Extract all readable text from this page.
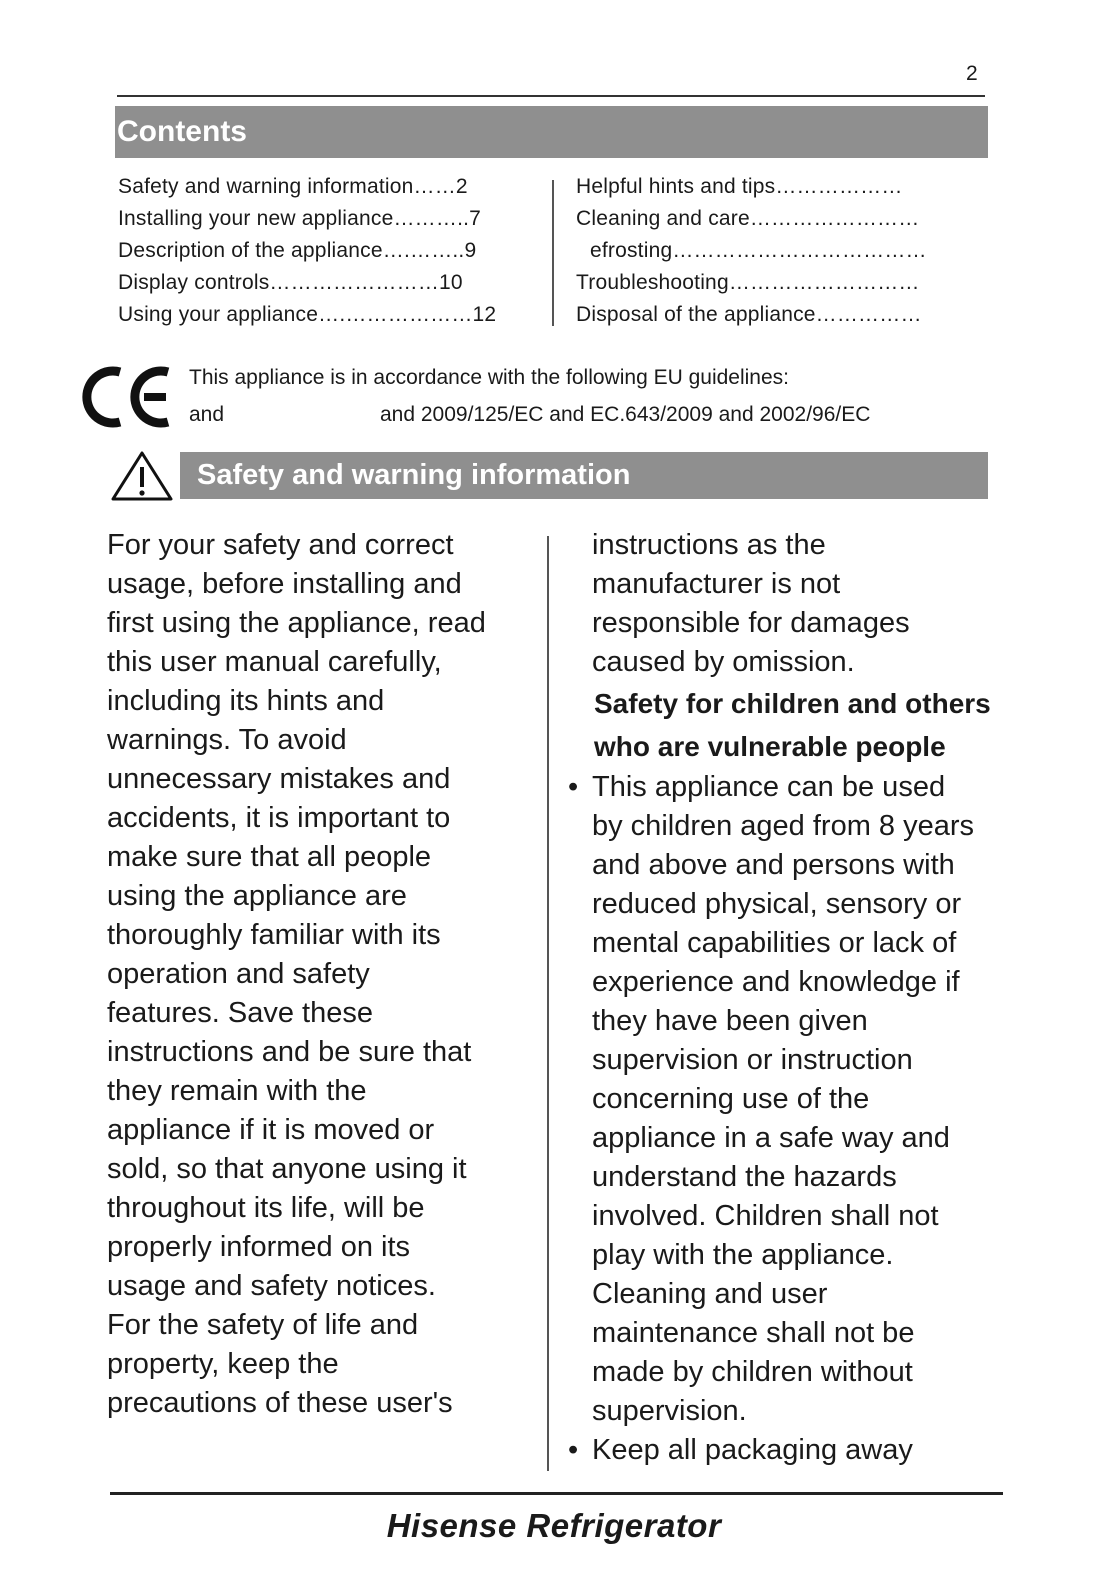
2
Contents
Safety and warning information……2
Installing your new appliance………..7
Description of the appliance….……..9
Display controls……………………10
Using your appliance….………………12
Helpful hints and tips………………
Cleaning and care……………………
efrosting………………………………
Troubleshooting………………………
Disposal of the appliance……………
This appliance is in accordance with the following EU guidelines:
and	and 2009/125/EC and EC.643/2009 and 2002/96/EC
Safety and warning information
For your safety and correct
usage, before installing and
first using the appliance, read
this user manual carefully,
including its hints and
warnings. To avoid
unnecessary mistakes and
accidents, it is important to
make sure that all people
using the appliance are
thoroughly familiar with its
operation and safety
features. Save these
instructions and be sure that
they remain with the
appliance if it is moved or
sold, so that anyone using it
throughout its life, will be
properly informed on its
usage and safety notices.
For the safety of life and
property, keep the
precautions of these user's
instructions as the
manufacturer is not
responsible for damages
caused by omission.
Safety for children and others
who are vulnerable people
• This appliance can be used
by children aged from 8 years
and above and persons with
reduced physical, sensory or
mental capabilities or lack of
experience and knowledge if
they have been given
supervision or instruction
concerning use of the
appliance in a safe way and
understand the hazards
involved. Children shall not
play with the appliance.
Cleaning and user
maintenance shall not be
made by children without
supervision.
• Keep all packaging away
Hisense Refrigerator
